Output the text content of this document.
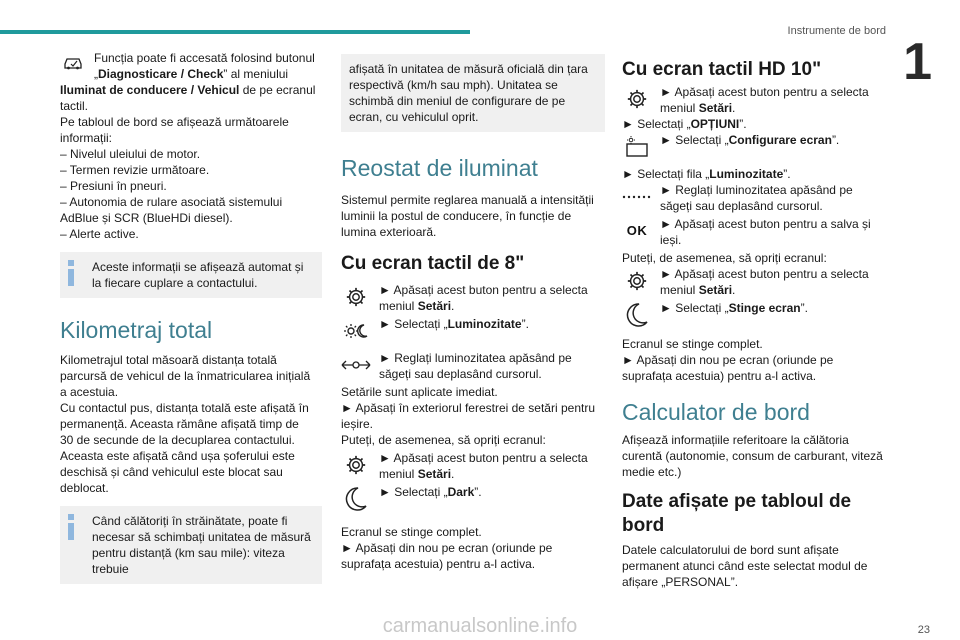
Instrumente de bord
1

Funcția poate fi accesată folosind butonul

„Diagnosticare / Check” al meniului

Iluminat de conducere / Vehicul de pe ecranul

tactil.

Pe tabloul de bord se afișează următoarele

informații:

– Nivelul uleiului de motor.

– Termen revizie următoare.

– Presiuni în pneuri.

– Autonomia de rulare asociată sistemului

AdBlue și SCR (BlueHDi diesel).

– Alerte active.

Aceste informații se afișează automat și la fiecare cuplare a contactului.

Kilometraj total

Kilometrajul total măsoară distanța totală

parcursă de vehicul de la înmatricularea inițială

a acestuia.

Cu contactul pus, distanța totală este afișată în

permanență. Aceasta rămâne afișată timp de

30 de secunde de la decuplarea contactului.

Aceasta este afișată când ușa șoferului este

deschisă și când vehiculul este blocat sau

deblocat.

Când călătoriți în străinătate, poate fi necesar să schimbați unitatea de măsură pentru distanță (km sau mile): viteza trebuie

afișată în unitatea de măsură oficială din țara respectivă (km/h sau mph). Unitatea se schimbă din meniul de configurare de pe ecran, cu vehiculul oprit.

Reostat de iluminat

Sistemul permite reglarea manuală a intensității luminii la postul de conducere, în funcție de lumina exterioară.

Cu ecran tactil de 8"

► Apăsați acest buton pentru a selecta meniul Setări.

► Selectați „Luminozitate”.

► Reglați luminozitatea apăsând pe săgeți sau deplasând cursorul.

Setările sunt aplicate imediat.

► Apăsați în exteriorul ferestrei de setări pentru ieșire.

Puteți, de asemenea, să opriți ecranul:

► Apăsați acest buton pentru a selecta meniul Setări.

► Selectați „Dark”.

Ecranul se stinge complet.

► Apăsați din nou pe ecran (oriunde pe suprafața acestuia) pentru a-l activa.

Cu ecran tactil HD 10"

► Apăsați acest buton pentru a selecta meniul Setări.

► Selectați „OPȚIUNI”.

► Selectați „Configurare ecran”.

► Selectați fila „Luminozitate”.

► Reglați luminozitatea apăsând pe săgeți sau deplasând cursorul.

OK ► Apăsați acest buton pentru a salva și ieși.

Puteți, de asemenea, să opriți ecranul:

► Apăsați acest buton pentru a selecta meniul Setări.

► Selectați „Stinge ecran”.

Ecranul se stinge complet.

► Apăsați din nou pe ecran (oriunde pe suprafața acestuia) pentru a-l activa.

Calculator de bord

Afișează informațiile referitoare la călătoria curentă (autonomie, consum de carburant, viteză medie etc.)

Date afișate pe tabloul de bord

Datele calculatorului de bord sunt afișate permanent atunci când este selectat modul de afișare „PERSONAL”.

carmanualsonline.info	23
